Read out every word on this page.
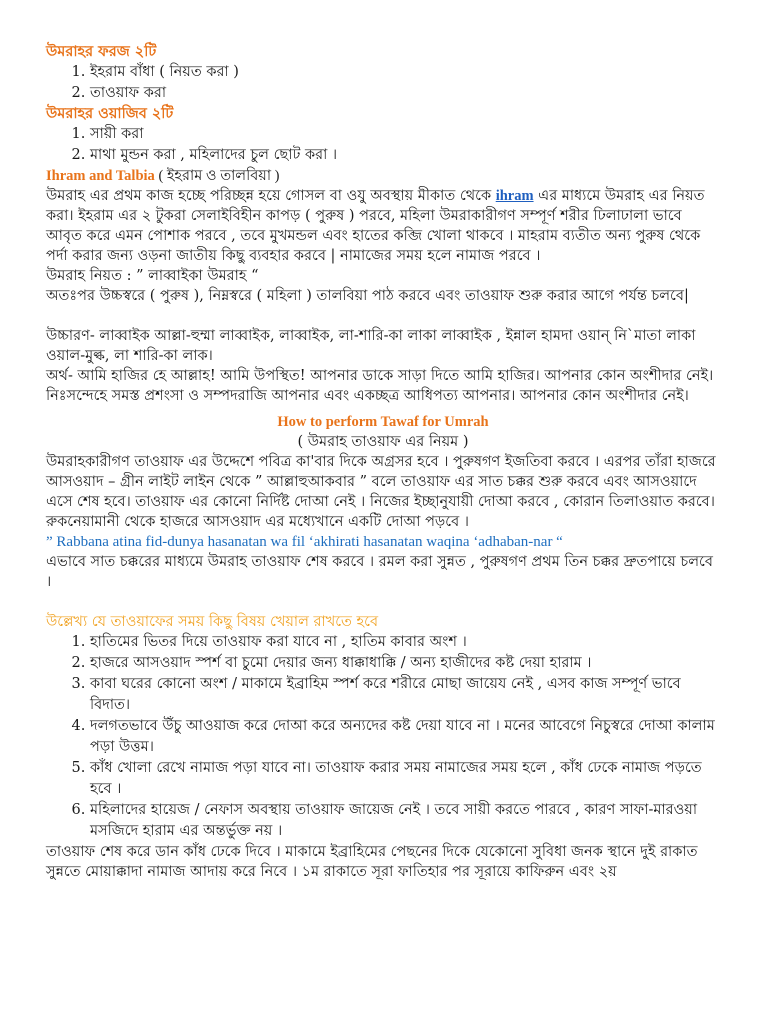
উমরাহর ফরজ ২টি
1. ইহরাম বাঁধা ( নিয়ত করা )
2. তাওয়াফ করা
উমরাহর ওয়াজিব ২টি
1. সায়ী করা
2. মাথা মুন্ডন করা , মহিলাদের চুল ছোট করা ।

Ihram and Talbia ( ইহরাম ও তালবিয়া )

উমরাহ এর প্রথম কাজ হচ্ছে পরিচ্ছন্ন হয়ে গোসল বা ওযু অবস্থায় মীকাত থেকে ihram এর মাধ্যমে উমরাহ এর নিয়ত করা। ইহরাম এর ২ টুকরা সেলাইবিহীন কাপড় ( পুরুষ ) পরবে, মহিলা উমরাকারীগণ সম্পূর্ণ শরীর ঢিলাঢালা ভাবে আবৃত করে এমন পোশাক পরবে , তবে মুখমন্ডল এবং হাতের কব্জি খোলা থাকবে । মাহরাম ব্যতীত অন্য পুরুষ থেকে পর্দা করার জন্য ওড়না জাতীয় কিছু ব্যবহার করবে | নামাজের সময় হলে নামাজ পরবে ।

উমরাহ নিয়ত : ” লাব্বাইকা উমরাহ “

অতঃপর উচ্চস্বরে ( পুরুষ ), নিম্নস্বরে ( মহিলা ) তালবিয়া পাঠ করবে এবং তাওয়াফ শুরু করার আগে পর্যন্ত চলবে|

উচ্চারণ- লাব্বাইক আল্লা-হুম্মা লাব্বাইক, লাব্বাইক, লা-শারি-কা লাকা লাব্বাইক , ইন্নাল হামদা ওয়ান্ নি`মাতা লাকা ওয়াল-মুল্ক, লা শারি-কা লাক।

অর্থ- আমি হাজির হে আল্লাহ! আমি উপস্থিত! আপনার ডাকে সাড়া দিতে আমি হাজির। আপনার কোন অংশীদার নেই। নিঃসন্দেহে সমস্ত প্রশংসা ও সম্পদরাজি আপনার এবং একচ্ছত্র আধিপত্য আপনার। আপনার কোন অংশীদার নেই।

How to perform Tawaf for Umrah

( উমরাহ তাওয়াফ এর নিয়ম )

উমরাহকারীগণ তাওয়াফ এর উদ্দেশে পবিত্র কা'বার দিকে অগ্রসর হবে । পুরুষগণ ইজতিবা করবে । এরপর তাঁরা হাজরে আসওয়াদ – গ্রীন লাইট লাইন থেকে ” আল্লাহুআকবার ” বলে তাওয়াফ এর সাত চক্কর শুরু করবে এবং আসওয়াদে এসে শেষ হবে। তাওয়াফ এর কোনো নির্দিষ্ট দোআ নেই । নিজের ইচ্ছানুযায়ী দোআ করবে , কোরান তিলাওয়াত করবে। রুকনেয়ামানী থেকে হাজরে আসওয়াদ এর মধ্যেখানে একটি দোআ পড়বে ।

” Rabbana atina fid-dunya hasanatan wa fil ‘akhirati hasanatan waqina ‘adhaban-nar “

এভাবে সাত চক্করের মাধ্যমে উমরাহ তাওয়াফ শেষ করবে । রমল করা সুন্নত , পুরুষগণ প্রথম তিন চক্কর দ্রুতপায়ে চলবে ।

উল্লেখ্য যে তাওয়াফের সময় কিছু বিষয় খেয়াল রাখতে হবে

1. হাতিমের ভিতর দিয়ে তাওয়াফ করা যাবে না , হাতিম কাবার অংশ ।
2. হাজরে আসওয়াদ স্পর্শ বা চুমো দেয়ার জন্য ধাক্কাধাক্কি / অন্য হাজীদের কষ্ট দেয়া হারাম ।
3. কাবা ঘরের কোনো অংশ / মাকামে ইব্রাহিম স্পর্শ করে শরীরে মোছা জায়েয নেই , এসব কাজ সম্পূর্ণ ভাবে বিদাত।
4. দলগতভাবে উঁচু আওয়াজ করে দোআ করে অন্যদের কষ্ট দেয়া যাবে না । মনের আবেগে নিচুস্বরে দোআ কালাম পড়া উত্তম।
5. কাঁধ খোলা রেখে নামাজ পড়া যাবে না। তাওয়াফ করার সময় নামাজের সময় হলে , কাঁধ ঢেকে নামাজ পড়তে হবে ।
6. মহিলাদের হায়েজ / নেফাস অবস্থায় তাওয়াফ জায়েজ নেই । তবে সায়ী করতে পারবে , কারণ সাফা-মারওয়া মসজিদে হারাম এর অন্তর্ভুক্ত নয় ।

তাওয়াফ শেষ করে ডান কাঁধ ঢেকে দিবে । মাকামে ইব্রাহিমের পেছনের দিকে যেকোনো সুবিধা জনক স্থানে দুই রাকাত সুন্নতে মোয়াক্কাদা নামাজ আদায় করে নিবে । ১ম রাকাতে সূরা ফাতিহার পর সূরায়ে কাফিরুন এবং ২য়
